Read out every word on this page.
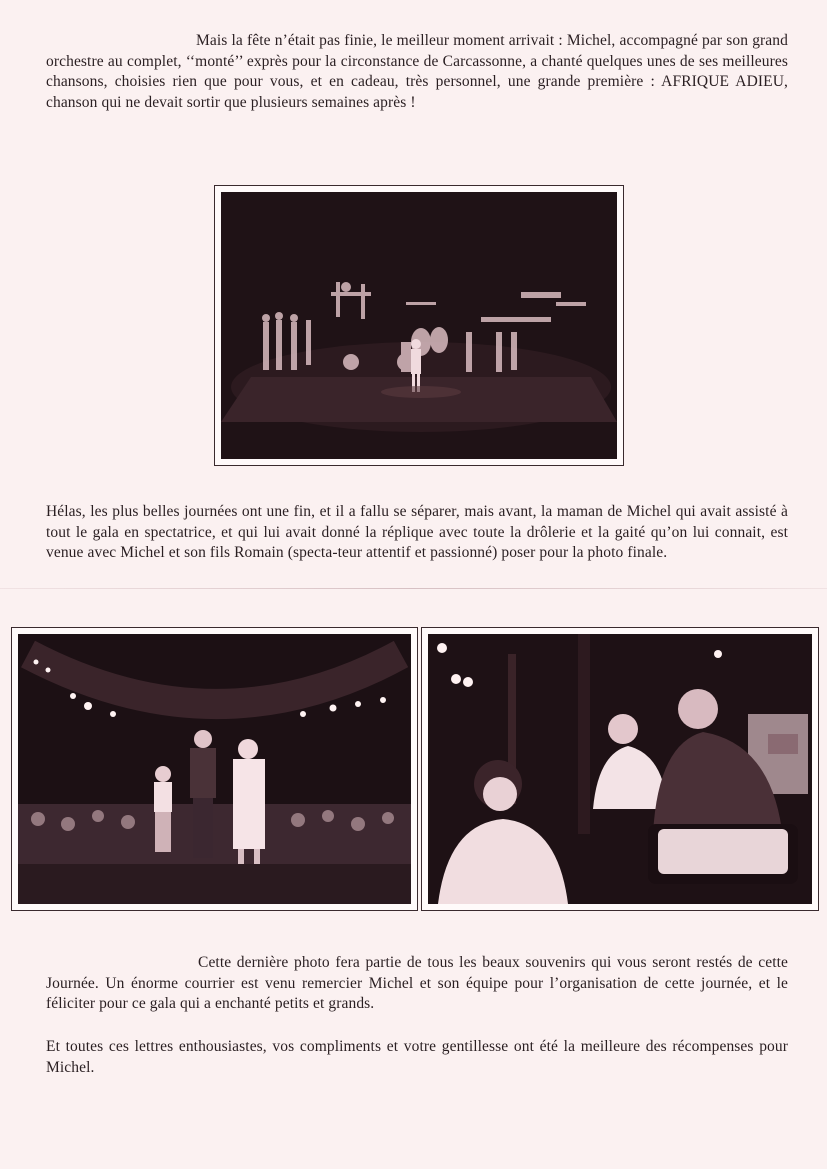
Mais la fête n’était pas finie, le meilleur moment arrivait : Michel, accompagné par son grand orchestre au complet, ‘‘monté’’ exprès pour la circonstance de Carcassonne, a chanté quelques unes de ses meilleures chansons, choisies rien que pour vous, et en cadeau, très personnel, une grande première : AFRIQUE ADIEU, chanson qui ne devait sortir que plusieurs semaines après !

Hélas, les plus belles journées ont une fin, et il a fallu se séparer, mais avant, la maman de Michel qui avait assisté à tout le gala en spectatrice, et qui lui avait donné la réplique avec toute la drôlerie et la gaité qu’on lui connait, est venue avec Michel et son fils Romain (specta-teur attentif et passionné) poser pour la photo finale.

Cette dernière photo fera partie de tous les beaux souvenirs qui vous seront restés de cette Journée. Un énorme courrier est venu remercier Michel et son équipe pour l’organisation de cette journée, et le féliciter pour ce gala qui a enchanté petits et grands.

Et toutes ces lettres enthousiastes, vos compliments et votre gentillesse ont été la meilleure des récompenses pour Michel.
